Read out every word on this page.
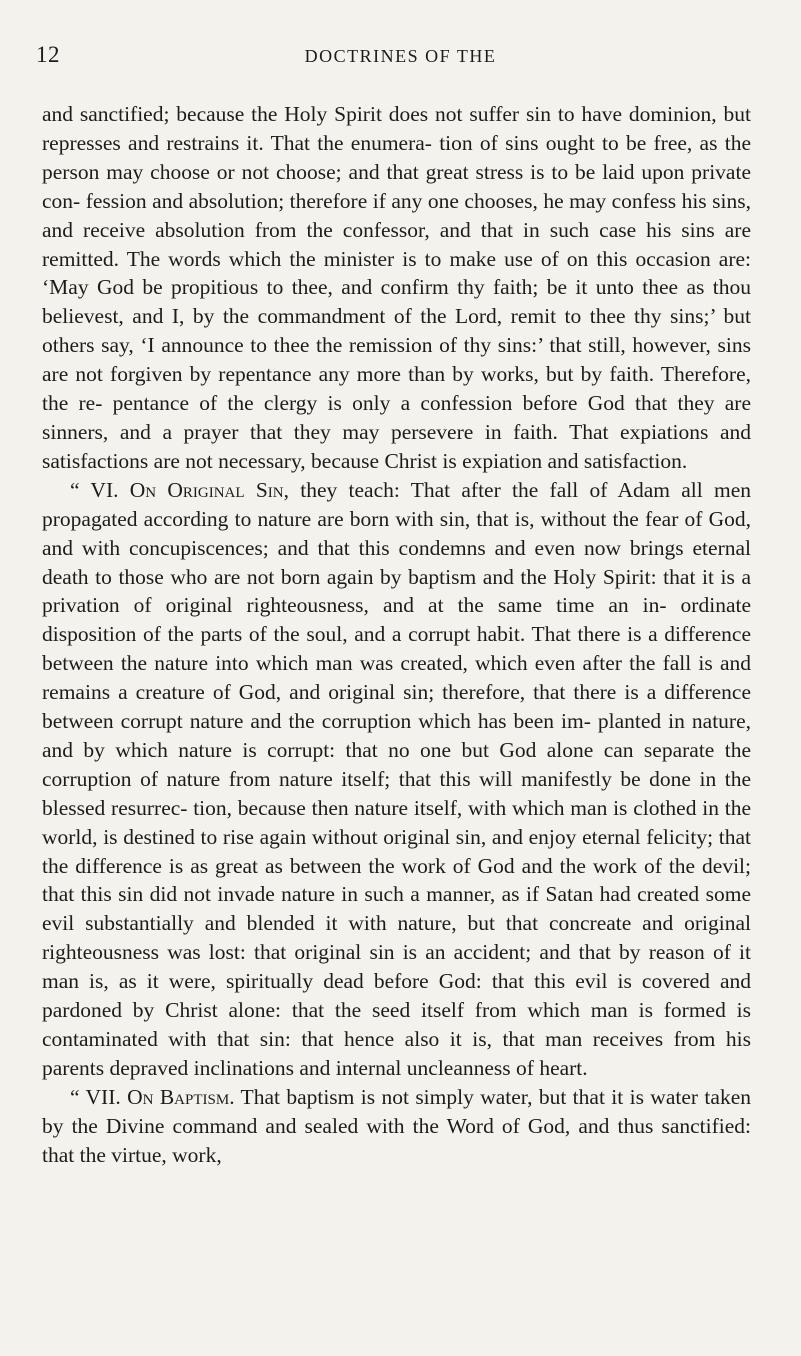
12	DOCTRINES OF THE

and sanctified; because the Holy Spirit does not suffer sin to have dominion, but represses and restrains it. That the enumera- tion of sins ought to be free, as the person may choose or not choose; and that great stress is to be laid upon private con- fession and absolution; therefore if any one chooses, he may confess his sins, and receive absolution from the confessor, and that in such case his sins are remitted. The words which the minister is to make use of on this occasion are: ‘May God be propitious to thee, and confirm thy faith; be it unto thee as thou believest, and I, by the commandment of the Lord, remit to thee thy sins;’ but others say, ‘I announce to thee the remission of thy sins:’ that still, however, sins are not forgiven by repentance any more than by works, but by faith. Therefore, the re- pentance of the clergy is only a confession before God that they are sinners, and a prayer that they may persevere in faith. That expiations and satisfactions are not necessary, because Christ is expiation and satisfaction.

“ VI. On Original Sin, they teach: That after the fall of Adam all men propagated according to nature are born with sin, that is, without the fear of God, and with concupiscences; and that this condemns and even now brings eternal death to those who are not born again by baptism and the Holy Spirit: that it is a privation of original righteousness, and at the same time an in- ordinate disposition of the parts of the soul, and a corrupt habit. That there is a difference between the nature into which man was created, which even after the fall is and remains a creature of God, and original sin; therefore, that there is a difference between corrupt nature and the corruption which has been im- planted in nature, and by which nature is corrupt: that no one but God alone can separate the corruption of nature from nature itself; that this will manifestly be done in the blessed resurrec- tion, because then nature itself, with which man is clothed in the world, is destined to rise again without original sin, and enjoy eternal felicity; that the difference is as great as between the work of God and the work of the devil; that this sin did not invade nature in such a manner, as if Satan had created some evil substantially and blended it with nature, but that concreate and original righteousness was lost: that original sin is an accident; and that by reason of it man is, as it were, spiritually dead before God: that this evil is covered and pardoned by Christ alone: that the seed itself from which man is formed is contaminated with that sin: that hence also it is, that man receives from his parents depraved inclinations and internal uncleanness of heart.

“ VII. On Baptism. That baptism is not simply water, but that it is water taken by the Divine command and sealed with the Word of God, and thus sanctified: that the virtue, work,
